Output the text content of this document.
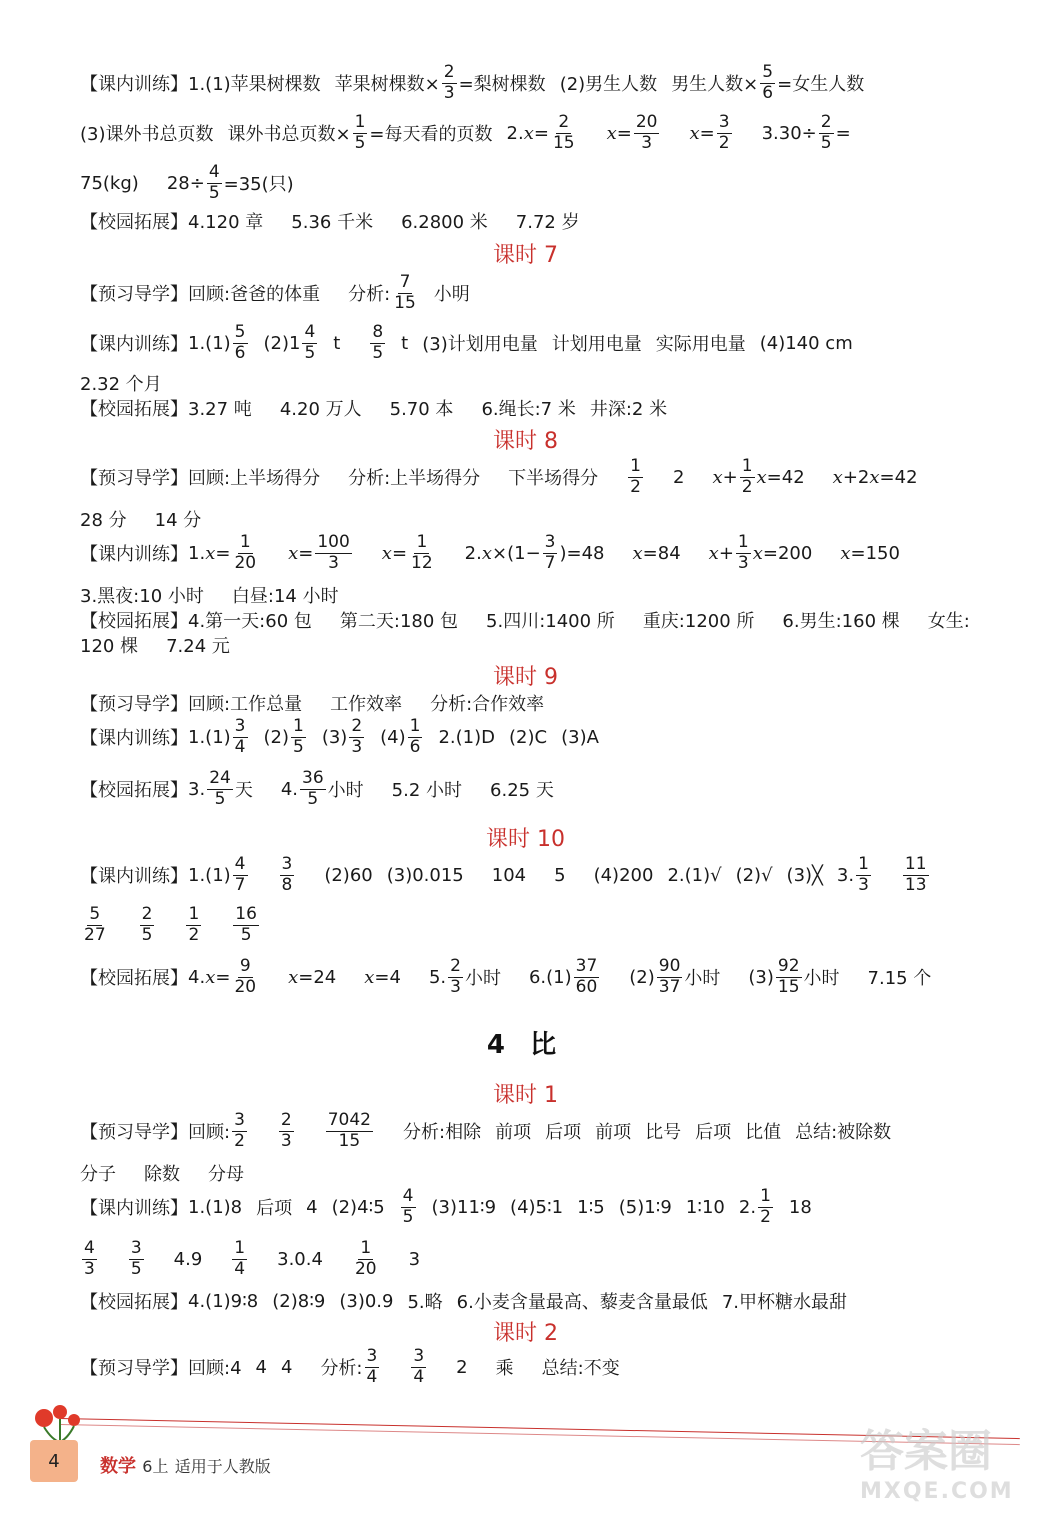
【课内训练】 1.(1)苹果树棵数 苹果树棵数× $\frac{2}{3}$ =梨树棵数 (2)男生人数 男生人数× $\frac{5}{6}$ =女生人数
(3)课外书总页数 课外书总页数× $\frac{1}{5}$ =每天看的页数 2. $x = \frac{2}{15}$ $x = \frac{20}{3}$ $x = \frac{3}{2} 3.30\div \frac{2}{5}$ =
75(kg) $28\div \frac{4}{5} =35$(只)
【校园拓展】 4.120 章 5.36 千米 6.2800 米 7.72 岁
课时 7
【预习导学】 回顾:爸爸的体重 分析: $\frac{7}{15}$ 小明
【课内训练】 $1.(1) \frac{5}{6} (2)1 \frac{4}{5}$ t $\frac{8}{5}$ t (3)计划用电量 计划用电量 实际用电量 (4)140 cm
2.32 个月
【校园拓展】 3.27 吨 4.20 万人 5.70 本 6.绳长:7 米 井深:2 米
课时 8
【预习导学】 回顾:上半场得分 分析:上半场得分 下半场得分 $\frac{1}{2} 2$ $x + \frac{1}{2}$ x =42 x +2 x =42
28 分 14 分
【课内训练】 1. $x = \frac{1}{20}$ $x = \frac{100}{3}$ $x = \frac{1}{12} 2$. $x \times(1- \frac{3}{7} )=48$ x =84 $x + \frac{1}{3}$ x =200 x =150
3.黑夜:10 小时 白昼:14 小时
【校园拓展】 4.第一天:60 包 第二天:180 包 5.四川:1400 所 重庆:1200 所 6.男生:160 棵 女生:
120 棵 7.24 元
课时 9
【预习导学】 回顾:工作总量 工作效率 分析:合作效率
【课内训练】 $1.(1) \frac{3}{4} (2) \frac{1}{5} (3) \frac{2}{3} (4) \frac{1}{6} 2.(1)D$ (2)C (3)A
【校园拓展】 3. $\frac{24}{5}$ 天 4. $\frac{36}{5}$ 小时 5.2 小时 6.25 天
课时 10
【课内训练】 $1.(1) \frac{4}{7} \frac{3}{8} (2)60$ (3)0.015 104 5 (4)200 2.(1)√ (2)√ (3)╳ 3. $\frac{1}{3} \frac{11}{13}$
$\frac{5}{27} \frac{2}{5} \frac{1}{2} \frac{16}{5}$
【校园拓展】 4. $x = \frac{9}{20}$ x =24 x =4 5. $\frac{2}{3}$ 小时 $6.(1) \frac{37}{60} (2) \frac{90}{37}$ 小时 $(3) \frac{92}{15}$ 小时 7.15 个
4 比
课时 1
【预习导学】 回顾: $\frac{3}{2} \frac{2}{3} \frac{7042}{15}$ 分析:相除 前项 后项 前项 比号 后项 比值 总结:被除数
分子 除数 分母
【课内训练】 1.(1)8 后项 4 (2)4∶5 $\frac{4}{5}$ (3)11∶9 (4)5∶1 1∶5 (5)1∶9 1∶10 2. $\frac{1}{2} 18$
$\frac{4}{3} \frac{3}{5} 4.9 \frac{1}{4} 3.0.4 \frac{1}{20} 3$
【校园拓展】 4.(1)9∶8 (2)8∶9 (3)0.9 5.略 6.小麦含量最高、藜麦含量最低 7.甲杯糖水最甜
课时 2
【预习导学】 回顾:4 4 4 分析: $\frac{3}{4} \frac{3}{4} 2$ 乘 总结:不变
4	数学 6上 适用于人教版	答案圈
MXQE.COM
